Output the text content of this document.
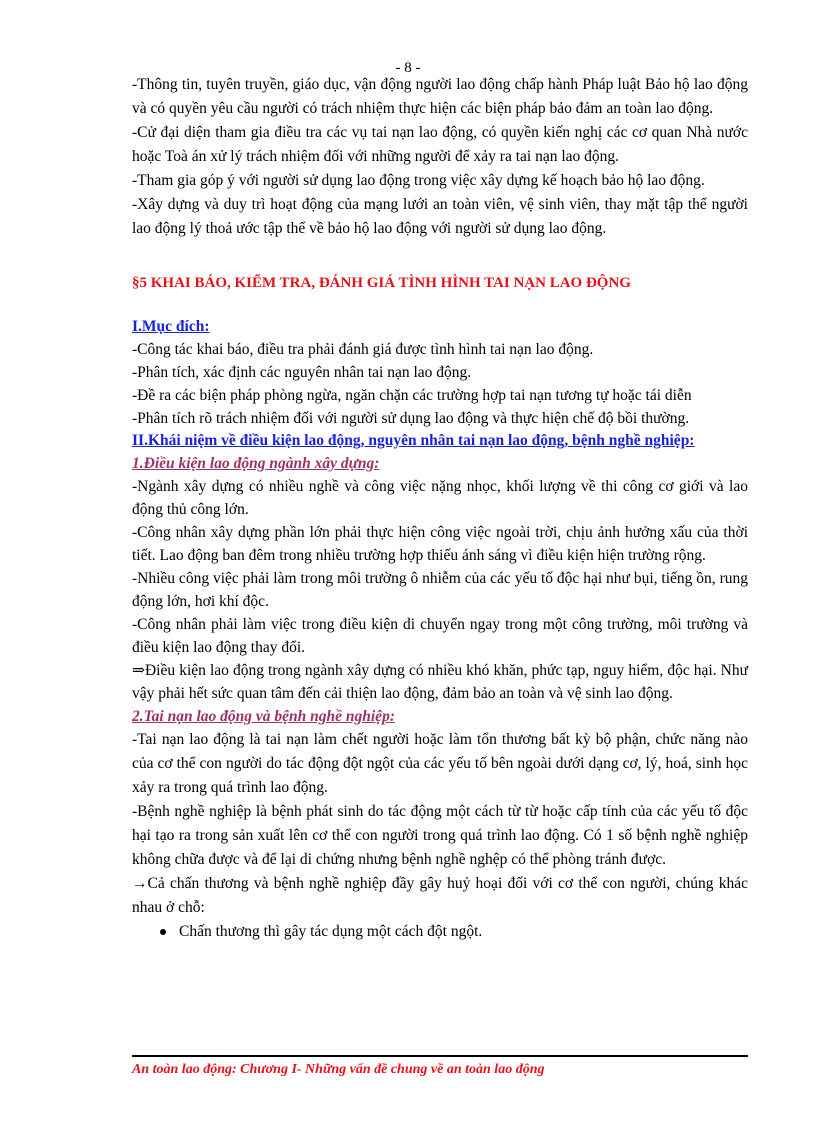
- 8 -

-Thông tin, tuyên truyền, giáo dục, vận động người lao động chấp hành Pháp luật Bảo hộ lao động và có quyền yêu cầu người có trách nhiệm thực hiện các biện pháp bảo đảm an toàn lao động.

-Cử đại diện tham gia điều tra các vụ tai nạn lao động, có quyền kiến nghị các cơ quan Nhà nước hoặc Toà án xử lý trách nhiệm đối với những người để xảy ra tai nạn lao động.

-Tham gia góp ý với người sử dụng lao động trong việc xây dựng kế hoạch bảo hộ lao động.

-Xây dựng và duy trì hoạt động của mạng lưới an toàn viên, vệ sinh viên, thay mặt tập thể người lao động lý thoả ước tập thể về bảo hộ lao động với người sử dụng lao động.

§5 KHAI BÁO, KIỂM TRA, ĐÁNH GIÁ TÌNH HÌNH TAI NẠN LAO ĐỘNG

I.Mục đích:

-Công tác khai báo, điều tra phải đánh giá được tình hình tai nạn lao động.

-Phân tích, xác định các nguyên nhân tai nạn lao động.

-Đề ra các biện pháp phòng ngừa, ngăn chặn các trường hợp tai nạn tương tự hoặc tái diễn

-Phân tích rõ trách nhiệm đối với người sử dụng lao động và thực hiện chế độ bồi thường.

II.Khái niệm về điều kiện lao động, nguyên nhân tai nạn lao động, bệnh nghề nghiệp:

1.Điều kiện lao động ngành xây dựng:

-Ngành xây dựng có nhiều nghề và công việc nặng nhọc, khối lượng về thi công cơ giới và lao động thủ công lớn.

-Công nhân xây dựng phần lớn phải thực hiện công việc ngoài trời, chịu ảnh hưởng xấu của thời tiết. Lao động ban đêm trong nhiều trường hợp thiếu ánh sáng vì điều kiện hiện trường rộng.

-Nhiều công việc phải làm trong môi trường ô nhiễm của các yếu tố độc hại như bụi, tiếng ồn, rung động lớn, hơi khí độc.

-Công nhân phải làm việc trong điều kiện di chuyển ngay trong một công trường, môi trường và điều kiện lao động thay đổi.

⇒Điều kiện lao động trong ngành xây dựng có nhiều khó khăn, phức tạp, nguy hiểm, độc hại. Như vậy phải hết sức quan tâm đến cải thiện lao động, đảm bảo an toàn và vệ sinh lao động.

2.Tai nạn lao động và bệnh nghề nghiệp:

-Tai nạn lao động là tai nạn làm chết người hoặc làm tổn thương bất kỳ bộ phận, chức năng nào của cơ thể con người do tác động đột ngột của các yếu tố bên ngoài dưới dạng cơ, lý, hoá, sinh học xảy ra trong quá trình lao động.

-Bệnh nghề nghiệp là bệnh phát sinh do tác động một cách từ từ hoặc cấp tính của các yếu tố độc hại tạo ra trong sản xuất lên cơ thể con người trong quá trình lao động. Có 1 số bệnh nghề nghiệp không chữa được và để lại di chứng nhưng bệnh nghề nghệp có thể phòng tránh được.

→Cả chấn thương và bệnh nghề nghiệp đầy gây huỷ hoại đối với cơ thể con người, chúng khác nhau ở chỗ:

Chấn thương thì gây tác dụng một cách đột ngột.
An toàn lao động: Chương I- Những vấn đề chung về an toàn lao động
